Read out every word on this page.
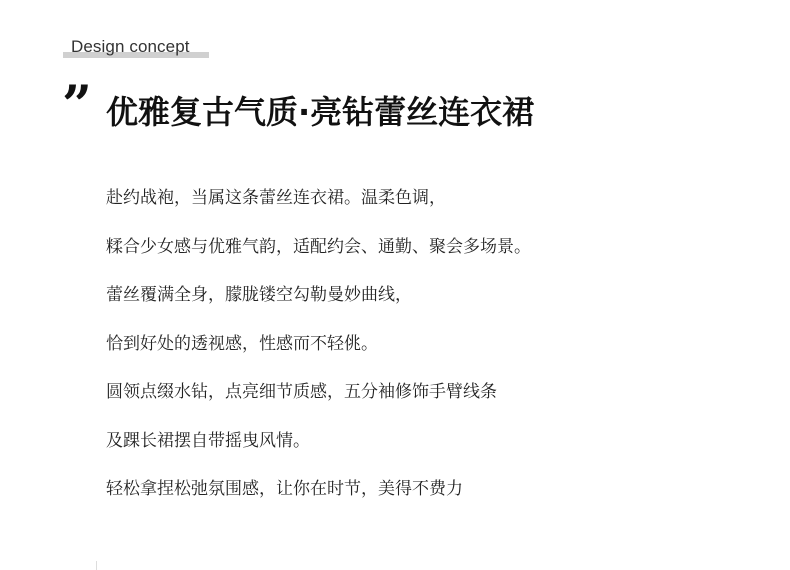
Design concept
” 优雅复古气质·亮钻蕾丝连衣裙
赴约战袍，当属这条蕾丝连衣裙。温柔色调，
糅合少女感与优雅气韵，适配约会、通勤、聚会多场景。
蕾丝覆满全身，朦胧镂空勾勒曼妙曲线，
恰到好处的透视感，性感而不轻佻。
圆领点缀水钻，点亮细节质感，五分袖修饰手臂线条
及踝长裙摆自带摇曳风情。
轻松拿捏松弛氛围感，让你在时节，美得不费力
